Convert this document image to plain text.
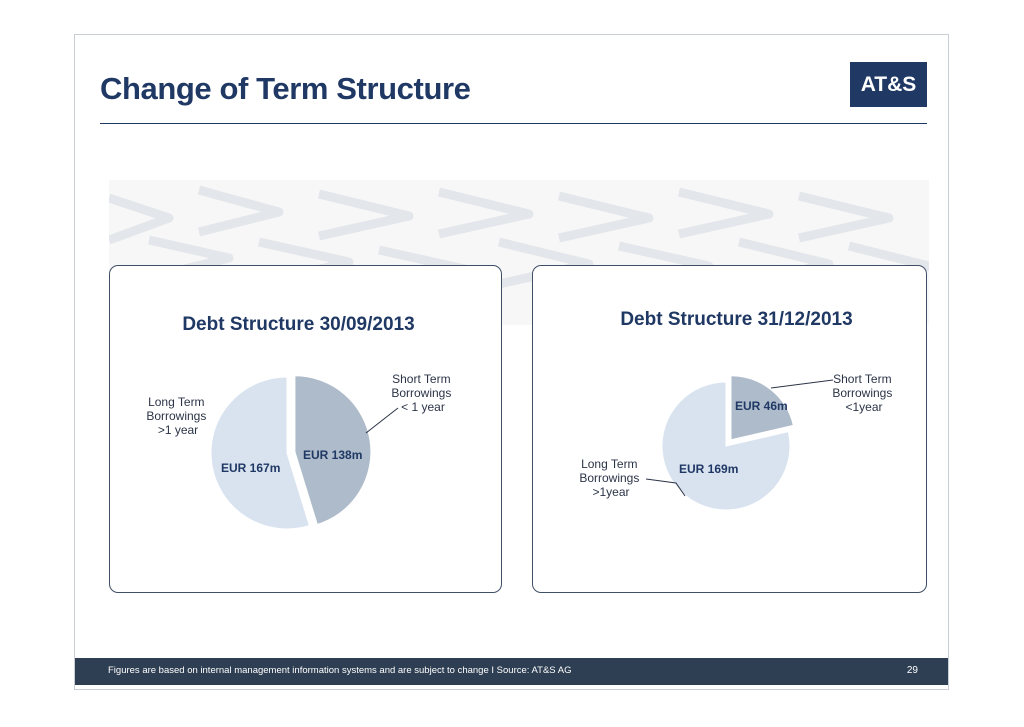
Change of Term Structure	AT&S
Debt Structure 30/09/2013
EUR 138m
EUR 167m
Short Term Borrowings < 1 year
Long Term Borrowings >1 year
Debt Structure 31/12/2013
EUR 46m
EUR 169m
Short Term Borrowings <1year
Long Term Borrowings >1year
Figures are based on internal management information systems and are subject to change I Source: AT&S AG	29
